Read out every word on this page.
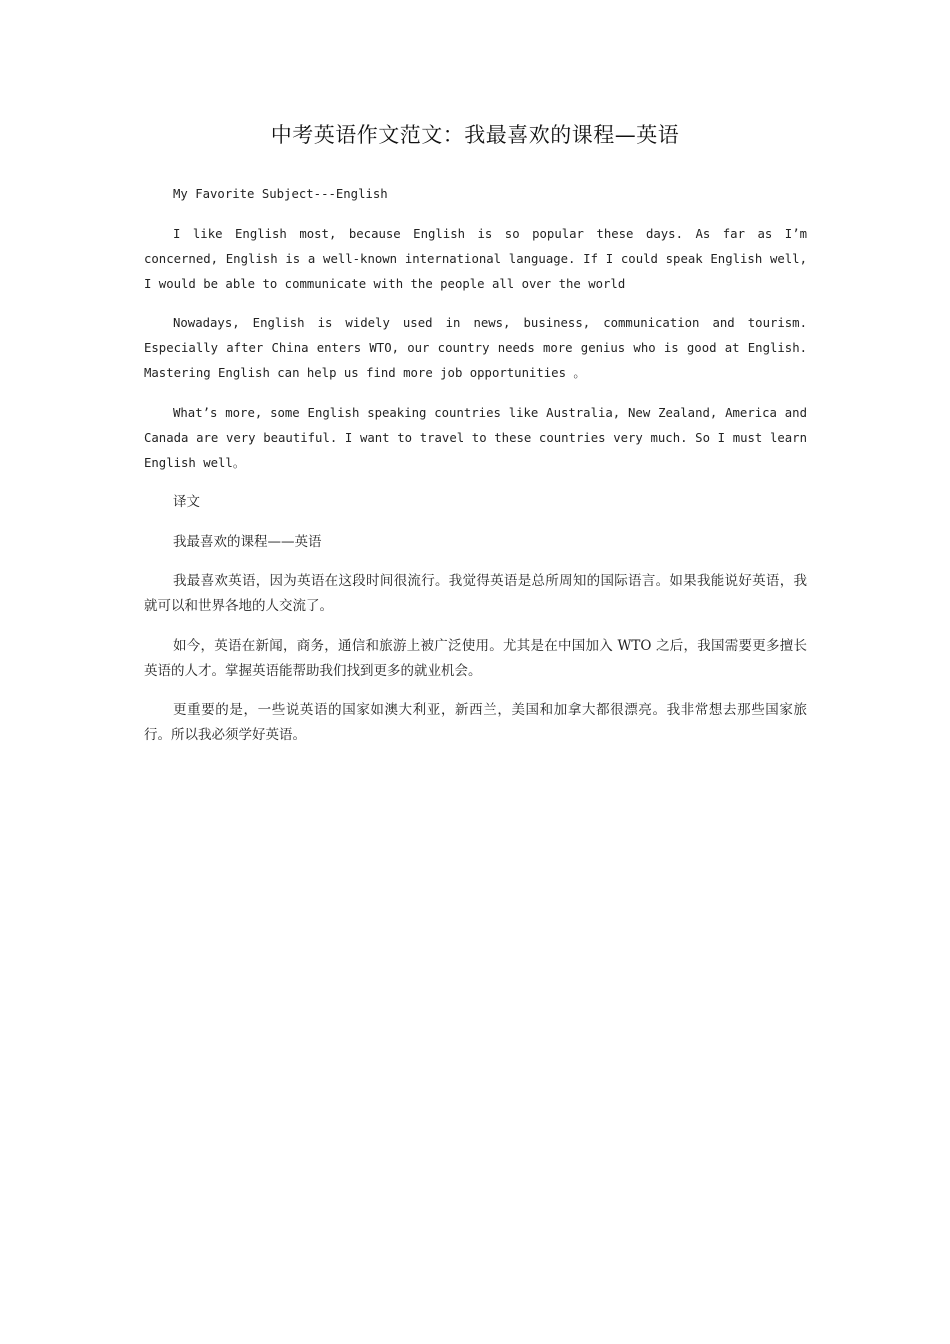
中考英语作文范文：我最喜欢的课程—英语

My Favorite Subject---English

I like English most, because English is so popular these days. As far as I’m concerned, English is a well-known international language. If I could speak English well, I would be able to communicate with the people all over the world

Nowadays, English is widely used in news, business, communication and tourism. Especially after China enters WTO, our country needs more genius who is good at English. Mastering English can help us find more job opportunities 。

What’s more, some English speaking countries like Australia, New Zealand, America and Canada are very beautiful. I want to travel to these countries very much. So I must learn English well。

译文

我最喜欢的课程——英语

我最喜欢英语，因为英语在这段时间很流行。我觉得英语是总所周知的国际语言。如果我能说好英语，我就可以和世界各地的人交流了。

如今，英语在新闻，商务，通信和旅游上被广泛使用。尤其是在中国加入 WTO 之后，我国需要更多擅长英语的人才。掌握英语能帮助我们找到更多的就业机会。

更重要的是，一些说英语的国家如澳大利亚，新西兰，美国和加拿大都很漂亮。我非常想去那些国家旅行。所以我必须学好英语。
